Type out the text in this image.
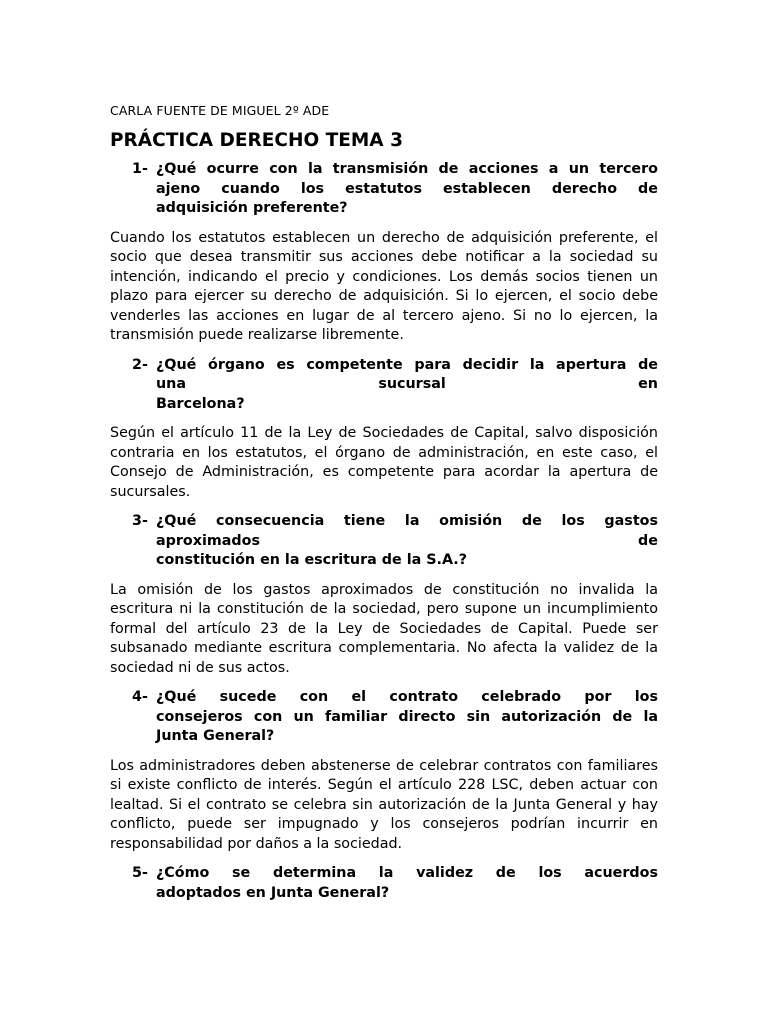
CARLA FUENTE DE MIGUEL 2º ADE
PRÁCTICA DERECHO TEMA 3
1- ¿Qué ocurre con la transmisión de acciones a un tercero
ajeno cuando los estatutos establecen derecho de
adquisición preferente?

Cuando los estatutos establecen un derecho de adquisición preferente, el socio que desea transmitir sus acciones debe notificar a la sociedad su intención, indicando el precio y condiciones. Los demás socios tienen un plazo para ejercer su derecho de adquisición. Si lo ejercen, el socio debe venderles las acciones en lugar de al tercero ajeno. Si no lo ejercen, la transmisión puede realizarse libremente.

2- ¿Qué órgano es competente para decidir la apertura de
una sucursal en
Barcelona?

Según el artículo 11 de la Ley de Sociedades de Capital, salvo disposición contraria en los estatutos, el órgano de administración, en este caso, el Consejo de Administración, es competente para acordar la apertura de sucursales.

3- ¿Qué consecuencia tiene la omisión de los gastos
aproximados de
constitución en la escritura de la S.A.?

La omisión de los gastos aproximados de constitución no invalida la escritura ni la constitución de la sociedad, pero supone un incumplimiento formal del artículo 23 de la Ley de Sociedades de Capital. Puede ser subsanado mediante escritura complementaria. No afecta la validez de la sociedad ni de sus actos.

4- ¿Qué sucede con el contrato celebrado por los
consejeros con un familiar directo sin autorización de la
Junta General?

Los administradores deben abstenerse de celebrar contratos con familiares si existe conflicto de interés. Según el artículo 228 LSC, deben actuar con lealtad. Si el contrato se celebra sin autorización de la Junta General y hay conflicto, puede ser impugnado y los consejeros podrían incurrir en responsabilidad por daños a la sociedad.

5- ¿Cómo se determina la validez de los acuerdos
adoptados en Junta General?
